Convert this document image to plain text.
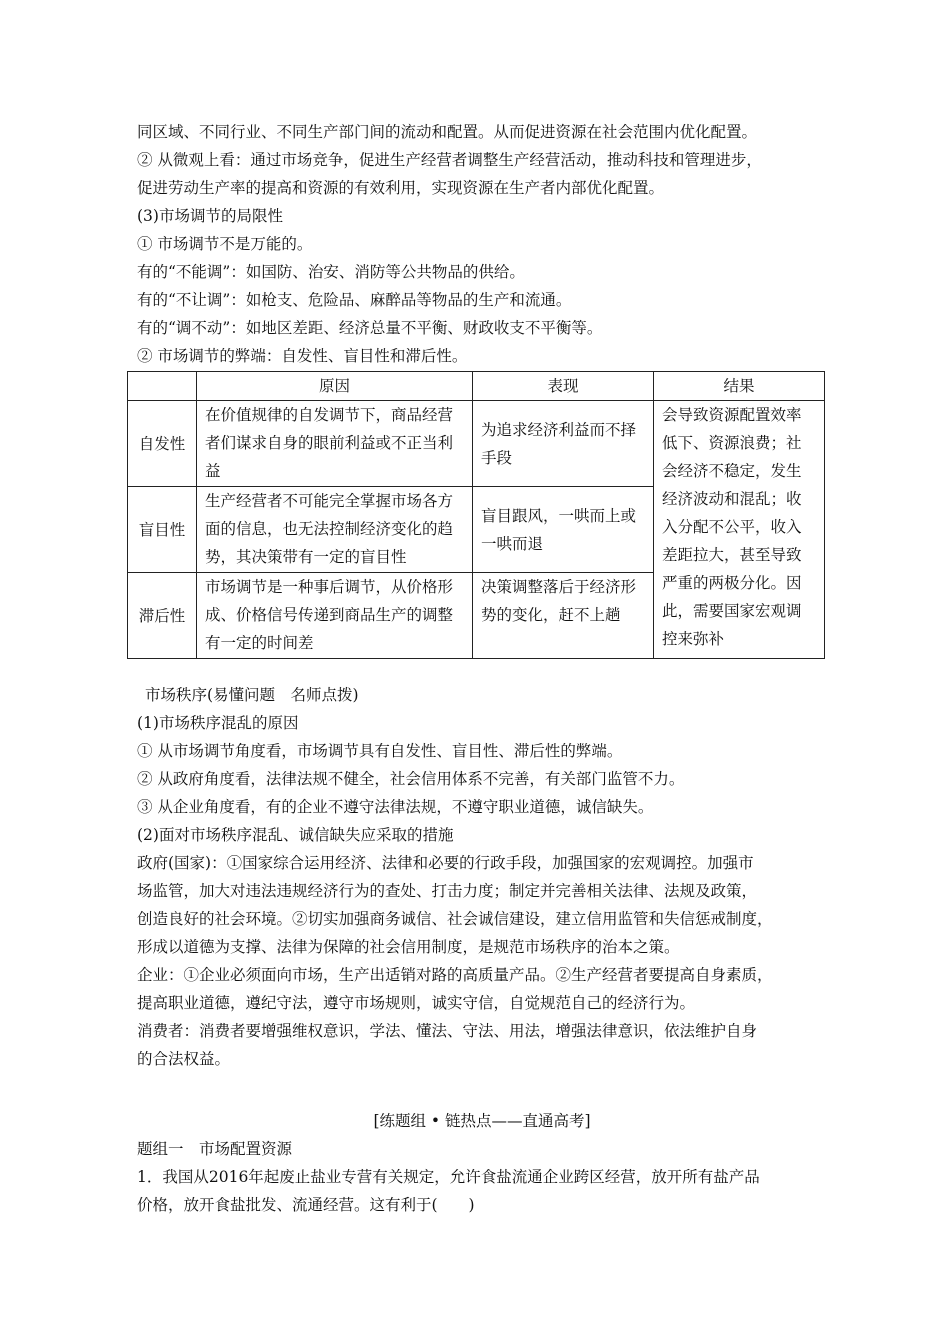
同区域、不同行业、不同生产部门间的流动和配置。从而促进资源在社会范围内优化配置。
② 从微观上看：通过市场竞争，促进生产经营者调整生产经营活动，推动科技和管理进步，
促进劳动生产率的提高和资源的有效利用，实现资源在生产者内部优化配置。
(3)市场调节的局限性
① 市场调节不是万能的。
有的“不能调”：如国防、治安、消防等公共物品的供给。
有的“不让调”：如枪支、危险品、麻醉品等物品的生产和流通。
有的“调不动”：如地区差距、经济总量不平衡、财政收支不平衡等。
② 市场调节的弊端：自发性、盲目性和滞后性。
	原因	表现	结果
自发性	在价值规律的自发调节下，商品经营者们谋求自身的眼前利益或不正当利益	为追求经济利益而不择手段	会导致资源配置效率低下、资源浪费；社会经济不稳定，发生经济波动和混乱；收入分配不公平，收入差距拉大，甚至导致严重的两极分化。因此，需要国家宏观调控来弥补
盲目性	生产经营者不可能完全掌握市场各方面的信息，也无法控制经济变化的趋势，其决策带有一定的盲目性	盲目跟风，一哄而上或一哄而退	
滞后性	市场调节是一种事后调节，从价格形成、价格信号传递到商品生产的调整有一定的时间差	决策调整落后于经济形势的变化，赶不上趟	
市场秩序(易懂问题　名师点拨)
(1)市场秩序混乱的原因
① 从市场调节角度看，市场调节具有自发性、盲目性、滞后性的弊端。
② 从政府角度看，法律法规不健全，社会信用体系不完善，有关部门监管不力。
③ 从企业角度看，有的企业不遵守法律法规，不遵守职业道德，诚信缺失。
(2)面对市场秩序混乱、诚信缺失应采取的措施
政府(国家)：①国家综合运用经济、法律和必要的行政手段，加强国家的宏观调控。加强市
场监管，加大对违法违规经济行为的查处、打击力度；制定并完善相关法律、法规及政策，
创造良好的社会环境。②切实加强商务诚信、社会诚信建设，建立信用监管和失信惩戒制度，
形成以道德为支撑、法律为保障的社会信用制度，是规范市场秩序的治本之策。
企业：①企业必须面向市场，生产出适销对路的高质量产品。②生产经营者要提高自身素质，
提高职业道德，遵纪守法，遵守市场规则，诚实守信，自觉规范自己的经济行为。
消费者：消费者要增强维权意识，学法、懂法、守法、用法，增强法律意识，依法维护自身
的合法权益。
[练题组 • 链热点——直通高考]
题组一　市场配置资源
1．我国从2016年起废止盐业专营有关规定，允许食盐流通企业跨区经营，放开所有盐产品
价格，放开食盐批发、流通经营。这有利于(　　)
